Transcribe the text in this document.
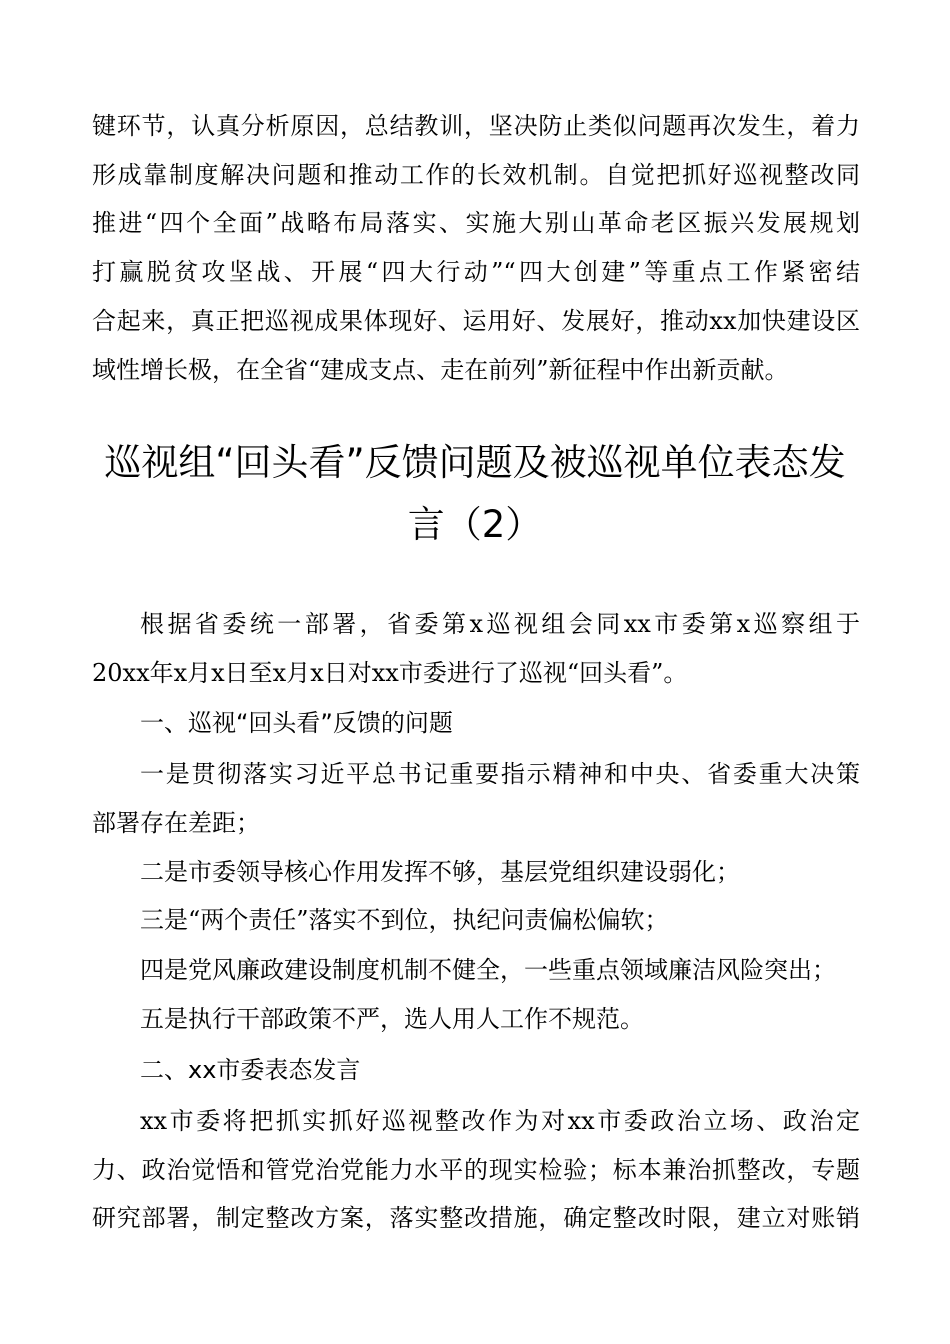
键环节，认真分析原因，总结教训，坚决防止类似问题再次发生，着力
形成靠制度解决问题和推动工作的长效机制。自觉把抓好巡视整改同
推进“四个全面”战略布局落实、实施大别山革命老区振兴发展规划
打赢脱贫攻坚战、开展“四大行动”“四大创建”等重点工作紧密结
合起来，真正把巡视成果体现好、运用好、发展好，推动xx加快建设区
域性增长极，在全省“建成支点、走在前列”新征程中作出新贡献。
巡视组“回头看”反馈问题及被巡视单位表态发
言（2）
根据省委统一部署，省委第x巡视组会同xx市委第x巡察组于
20xx年x月x日至x月x日对xx市委进行了巡视“回头看”。
一、巡视“回头看”反馈的问题
一是贯彻落实习近平总书记重要指示精神和中央、省委重大决策
部署存在差距；
二是市委领导核心作用发挥不够，基层党组织建设弱化；
三是“两个责任”落实不到位，执纪问责偏松偏软；
四是党风廉政建设制度机制不健全，一些重点领域廉洁风险突出；
五是执行干部政策不严，选人用人工作不规范。
二、xx市委表态发言
xx市委将把抓实抓好巡视整改作为对xx市委政治立场、政治定
力、政治觉悟和管党治党能力水平的现实检验；标本兼治抓整改，专题
研究部署，制定整改方案，落实整改措施，确定整改时限，建立对账销
